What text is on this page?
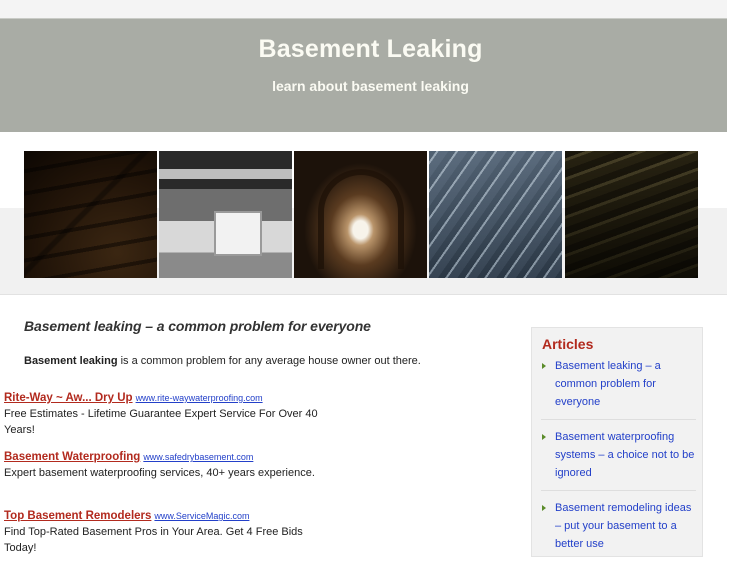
Basement Leaking
learn about basement leaking
Basement leaking – a common problem for everyone

Basement leaking is a common problem for any average house owner out there.

Rite-Way ~ Aw... Dry Up www.rite-waywaterproofing.com
Free Estimates - Lifetime Guarantee Expert Service For Over 40 Years!
Basement Waterproofing www.safedrybasement.com
Expert basement waterproofing services, 40+ years experience.
Top Basement Remodelers www.ServiceMagic.com
Find Top-Rated Basement Pros in Your Area. Get 4 Free Bids Today!
Articles
Basement leaking – a common problem for everyone
Basement waterproofing systems – a choice not to be ignored
Basement remodeling ideas – put your basement to a better use
